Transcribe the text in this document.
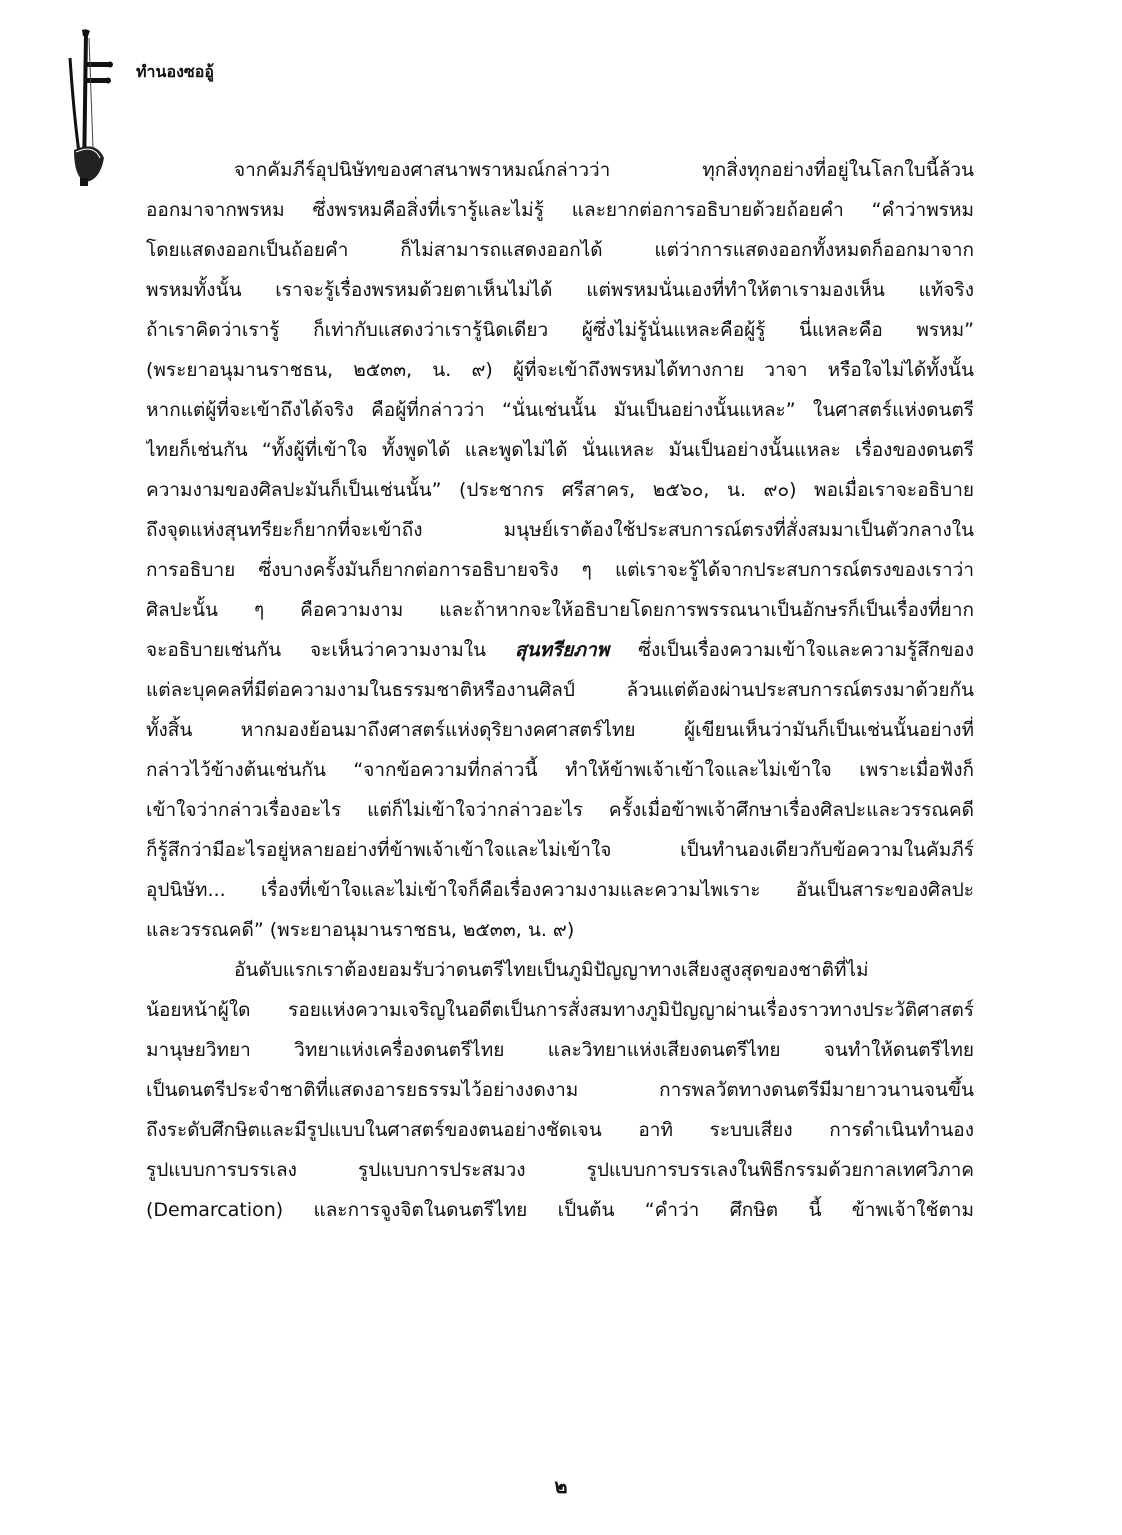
ทำนองซออู้
จากคัมภีร์อุปนิษัทของศาสนาพราหมณ์กล่าวว่า ทุกสิ่งทุกอย่างที่อยู่ในโลกใบนี้ล้วน
ออกมาจากพรหม ซึ่งพรหมคือสิ่งที่เรารู้และไม่รู้ และยากต่อการอธิบายด้วยถ้อยคำ “คำว่าพรหม
โดยแสดงออกเป็นถ้อยคำ ก็ไม่สามารถแสดงออกได้ แต่ว่าการแสดงออกทั้งหมดก็ออกมาจาก
พรหมทั้งนั้น เราจะรู้เรื่องพรหมด้วยตาเห็นไม่ได้ แต่พรหมนั่นเองที่ทำให้ตาเรามองเห็น แท้จริง
ถ้าเราคิดว่าเรารู้ ก็เท่ากับแสดงว่าเรารู้นิดเดียว ผู้ซึ่งไม่รู้นั่นแหละคือผู้รู้ นี่แหละคือ พรหม”
(พระยาอนุมานราชธน, ๒๕๓๓, น. ๙) ผู้ที่จะเข้าถึงพรหมได้ทางกาย วาจา หรือใจไม่ได้ทั้งนั้น
หากแต่ผู้ที่จะเข้าถึงได้จริง คือผู้ที่กล่าวว่า “นั่นเช่นนั้น มันเป็นอย่างนั้นแหละ” ในศาสตร์แห่งดนตรี
ไทยก็เช่นกัน “ทั้งผู้ที่เข้าใจ ทั้งพูดได้ และพูดไม่ได้ นั่นแหละ มันเป็นอย่างนั้นแหละ เรื่องของดนตรี
ความงามของศิลปะมันก็เป็นเช่นนั้น” (ประชากร ศรีสาคร, ๒๕๖๐, น. ๙๐) พอเมื่อเราจะอธิบาย
ถึงจุดแห่งสุนทรียะก็ยากที่จะเข้าถึง มนุษย์เราต้องใช้ประสบการณ์ตรงที่สั่งสมมาเป็นตัวกลางใน
การอธิบาย ซึ่งบางครั้งมันก็ยากต่อการอธิบายจริง ๆ แต่เราจะรู้ได้จากประสบการณ์ตรงของเราว่า
ศิลปะนั้น ๆ คือความงาม และถ้าหากจะให้อธิบายโดยการพรรณนาเป็นอักษรก็เป็นเรื่องที่ยาก
จะอธิบายเช่นกัน จะเห็นว่าความงามใน สุนทรียภาพ ซึ่งเป็นเรื่องความเข้าใจและความรู้สึกของ
แต่ละบุคคลที่มีต่อความงามในธรรมชาติหรืองานศิลป์ ล้วนแต่ต้องผ่านประสบการณ์ตรงมาด้วยกัน
ทั้งสิ้น หากมองย้อนมาถึงศาสตร์แห่งดุริยางคศาสตร์ไทย ผู้เขียนเห็นว่ามันก็เป็นเช่นนั้นอย่างที่
กล่าวไว้ข้างต้นเช่นกัน “จากข้อความที่กล่าวนี้ ทำให้ข้าพเจ้าเข้าใจและไม่เข้าใจ เพราะเมื่อฟังก็
เข้าใจว่ากล่าวเรื่องอะไร แต่ก็ไม่เข้าใจว่ากล่าวอะไร ครั้งเมื่อข้าพเจ้าศึกษาเรื่องศิลปะและวรรณคดี
ก็รู้สึกว่ามีอะไรอยู่หลายอย่างที่ข้าพเจ้าเข้าใจและไม่เข้าใจ เป็นทำนองเดียวกับข้อความในคัมภีร์
อุปนิษัท... เรื่องที่เข้าใจและไม่เข้าใจก็คือเรื่องความงามและความไพเราะ อันเป็นสาระของศิลปะ
และวรรณคดี” (พระยาอนุมานราชธน, ๒๕๓๓, น. ๙)
อันดับแรกเราต้องยอมรับว่าดนตรีไทยเป็นภูมิปัญญาทางเสียงสูงสุดของชาติที่ไม่
น้อยหน้าผู้ใด รอยแห่งความเจริญในอดีตเป็นการสั่งสมทางภูมิปัญญาผ่านเรื่องราวทางประวัติศาสตร์
มานุษยวิทยา วิทยาแห่งเครื่องดนตรีไทย และวิทยาแห่งเสียงดนตรีไทย จนทำให้ดนตรีไทย
เป็นดนตรีประจำชาติที่แสดงอารยธรรมไว้อย่างงดงาม การพลวัตทางดนตรีมีมายาวนานจนขึ้น
ถึงระดับศึกษิตและมีรูปแบบในศาสตร์ของตนอย่างชัดเจน อาทิ ระบบเสียง การดำเนินทำนอง
รูปแบบการบรรเลง รูปแบบการประสมวง รูปแบบการบรรเลงในพิธีกรรมด้วยกาลเทศวิภาค
(Demarcation) และการจูงจิตในดนตรีไทย เป็นต้น “คำว่า ศึกษิต นี้ ข้าพเจ้าใช้ตาม
๒
